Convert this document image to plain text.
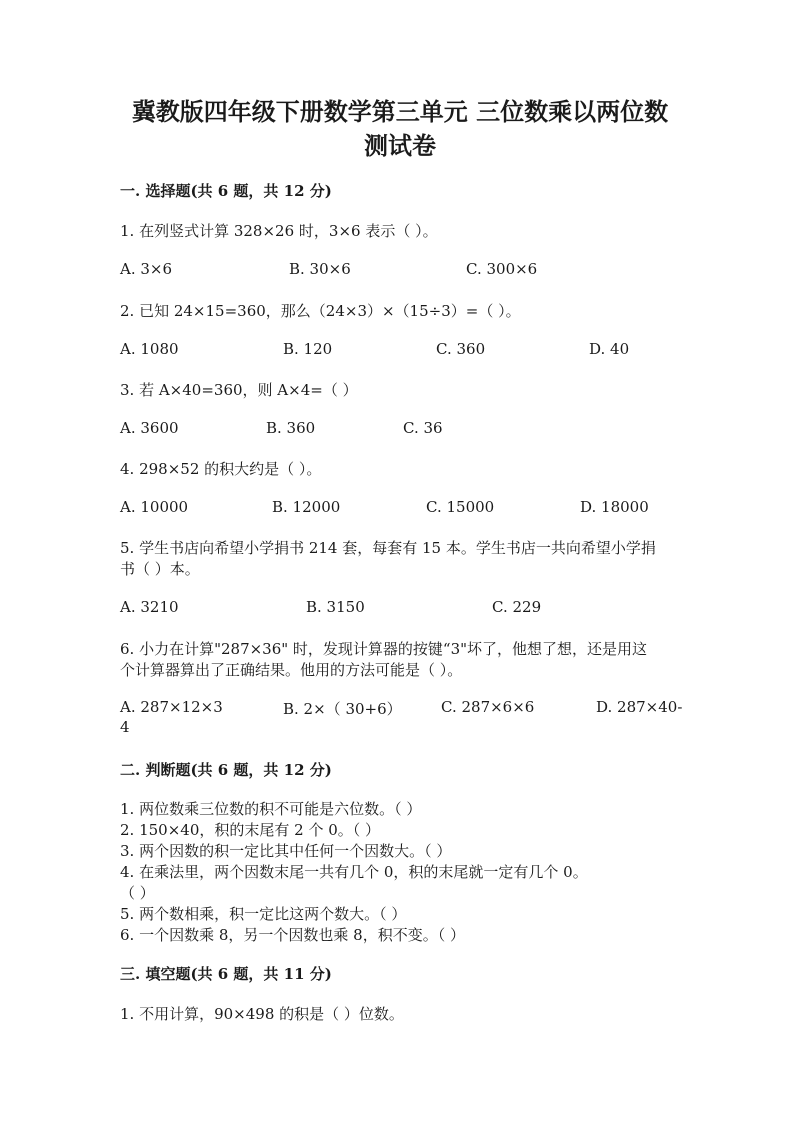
冀教版四年级下册数学第三单元 三位数乘以两位数
测试卷
一. 选择题(共 6 题，共 12 分)
1. 在列竖式计算 328×26 时，3×6 表示（ ）。
A. 3×6	B. 30×6	C. 300×6
2. 已知 24×15=360，那么（24×3）×（15÷3）=（ ）。
A. 1080	B. 120	C. 360	D. 40
3. 若 A×40=360，则 A×4=（ ）
A. 3600	B. 360	C. 36
4. 298×52 的积大约是（ ）。
A. 10000	B. 12000	C. 15000	D. 18000
5. 学生书店向希望小学捐书 214 套，每套有 15 本。学生书店一共向希望小学捐
书（ ）本。
A. 3210	B. 3150	C. 229
6. 小力在计算"287×36" 时，发现计算器的按键“3"坏了，他想了想，还是用这
个计算器算出了正确结果。他用的方法可能是（ ）。
A. 287×12×3	B. 2×（ 30+6）	C. 287×6×6	D. 287×40-
4
二. 判断题(共 6 题，共 12 分)
1. 两位数乘三位数的积不可能是六位数。（ ）
2. 150×40，积的末尾有 2 个 0。（ ）
3. 两个因数的积一定比其中任何一个因数大。（ ）
4. 在乘法里，两个因数末尾一共有几个 0，积的末尾就一定有几个 0。
（ ）
5. 两个数相乘，积一定比这两个数大。（ ）
6. 一个因数乘 8，另一个因数也乘 8，积不变。（ ）
三. 填空题(共 6 题，共 11 分)
1. 不用计算，90×498 的积是（ ）位数。
